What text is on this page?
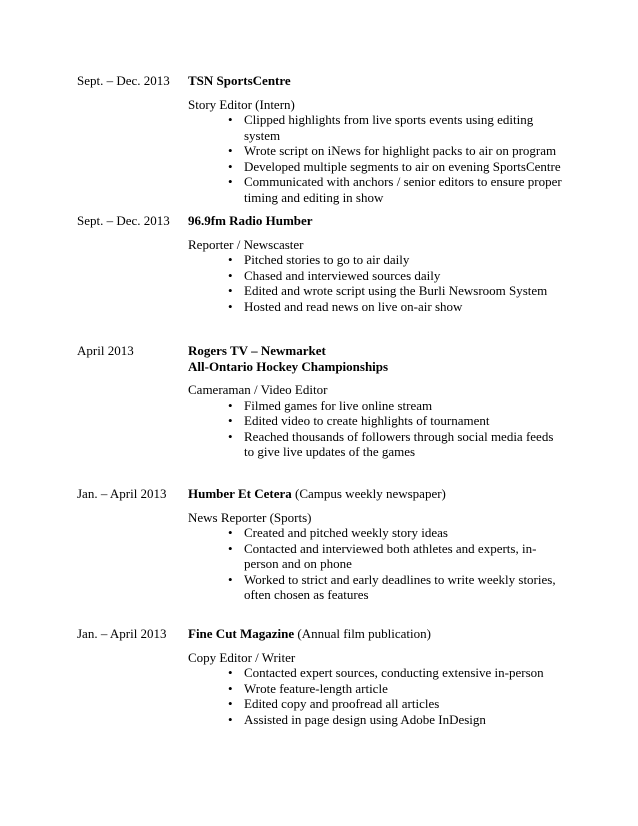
Sept. – Dec. 2013 TSN SportsCentre
Story Editor (Intern)
• Clipped highlights from live sports events using editing system
• Wrote script on iNews for highlight packs to air on program
• Developed multiple segments to air on evening SportsCentre
• Communicated with anchors / senior editors to ensure proper timing and editing in show
Sept. – Dec. 2013 96.9fm Radio Humber
Reporter / Newscaster
• Pitched stories to go to air daily
• Chased and interviewed sources daily
• Edited and wrote script using the Burli Newsroom System
• Hosted and read news on live on-air show
April 2013	Rogers TV – Newmarket
All-Ontario Hockey Championships
Cameraman / Video Editor
• Filmed games for live online stream
• Edited video to create highlights of tournament
• Reached thousands of followers through social media feeds to give live updates of the games
Jan. – April 2013 Humber Et Cetera (Campus weekly newspaper)
News Reporter (Sports)
• Created and pitched weekly story ideas
• Contacted and interviewed both athletes and experts, in-person and on phone
• Worked to strict and early deadlines to write weekly stories, often chosen as features
Jan. – April 2013 Fine Cut Magazine (Annual film publication)
Copy Editor / Writer
• Contacted expert sources, conducting extensive in-person
• Wrote feature-length article
• Edited copy and proofread all articles
• Assisted in page design using Adobe InDesign
